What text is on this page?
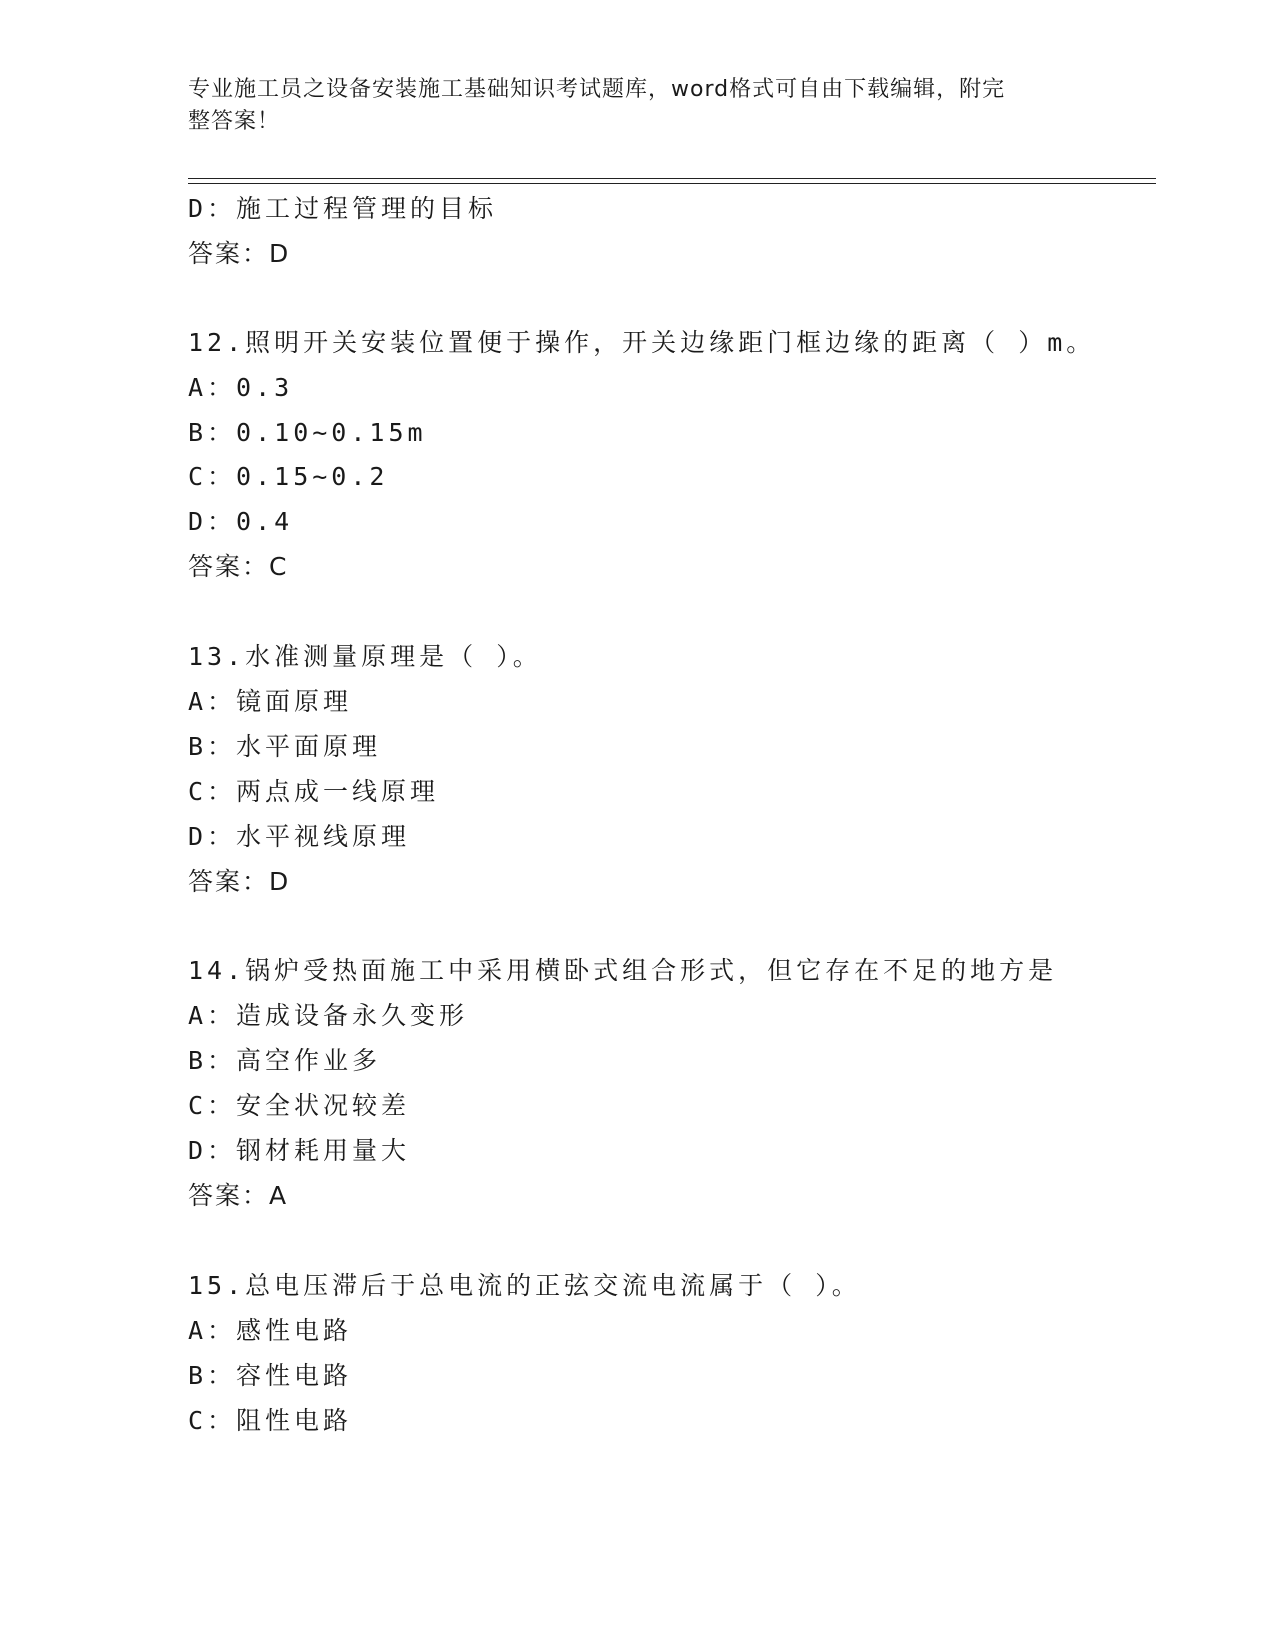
专业施工员之设备安装施工基础知识考试题库，word格式可自由下载编辑，附完
整答案！
D：施工过程管理的目标
答案：D
12.照明开关安装位置便于操作，开关边缘距门框边缘的距离（ ）m。
A：0.3
B：0.10~0.15m
C：0.15~0.2
D：0.4
答案：C
13.水准测量原理是（ ）。
A：镜面原理
B：水平面原理
C：两点成一线原理
D：水平视线原理
答案：D
14.锅炉受热面施工中采用横卧式组合形式，但它存在不足的地方是
A：造成设备永久变形
B：高空作业多
C：安全状况较差
D：钢材耗用量大
答案：A
15.总电压滞后于总电流的正弦交流电流属于（ ）。
A：感性电路
B：容性电路
C：阻性电路
